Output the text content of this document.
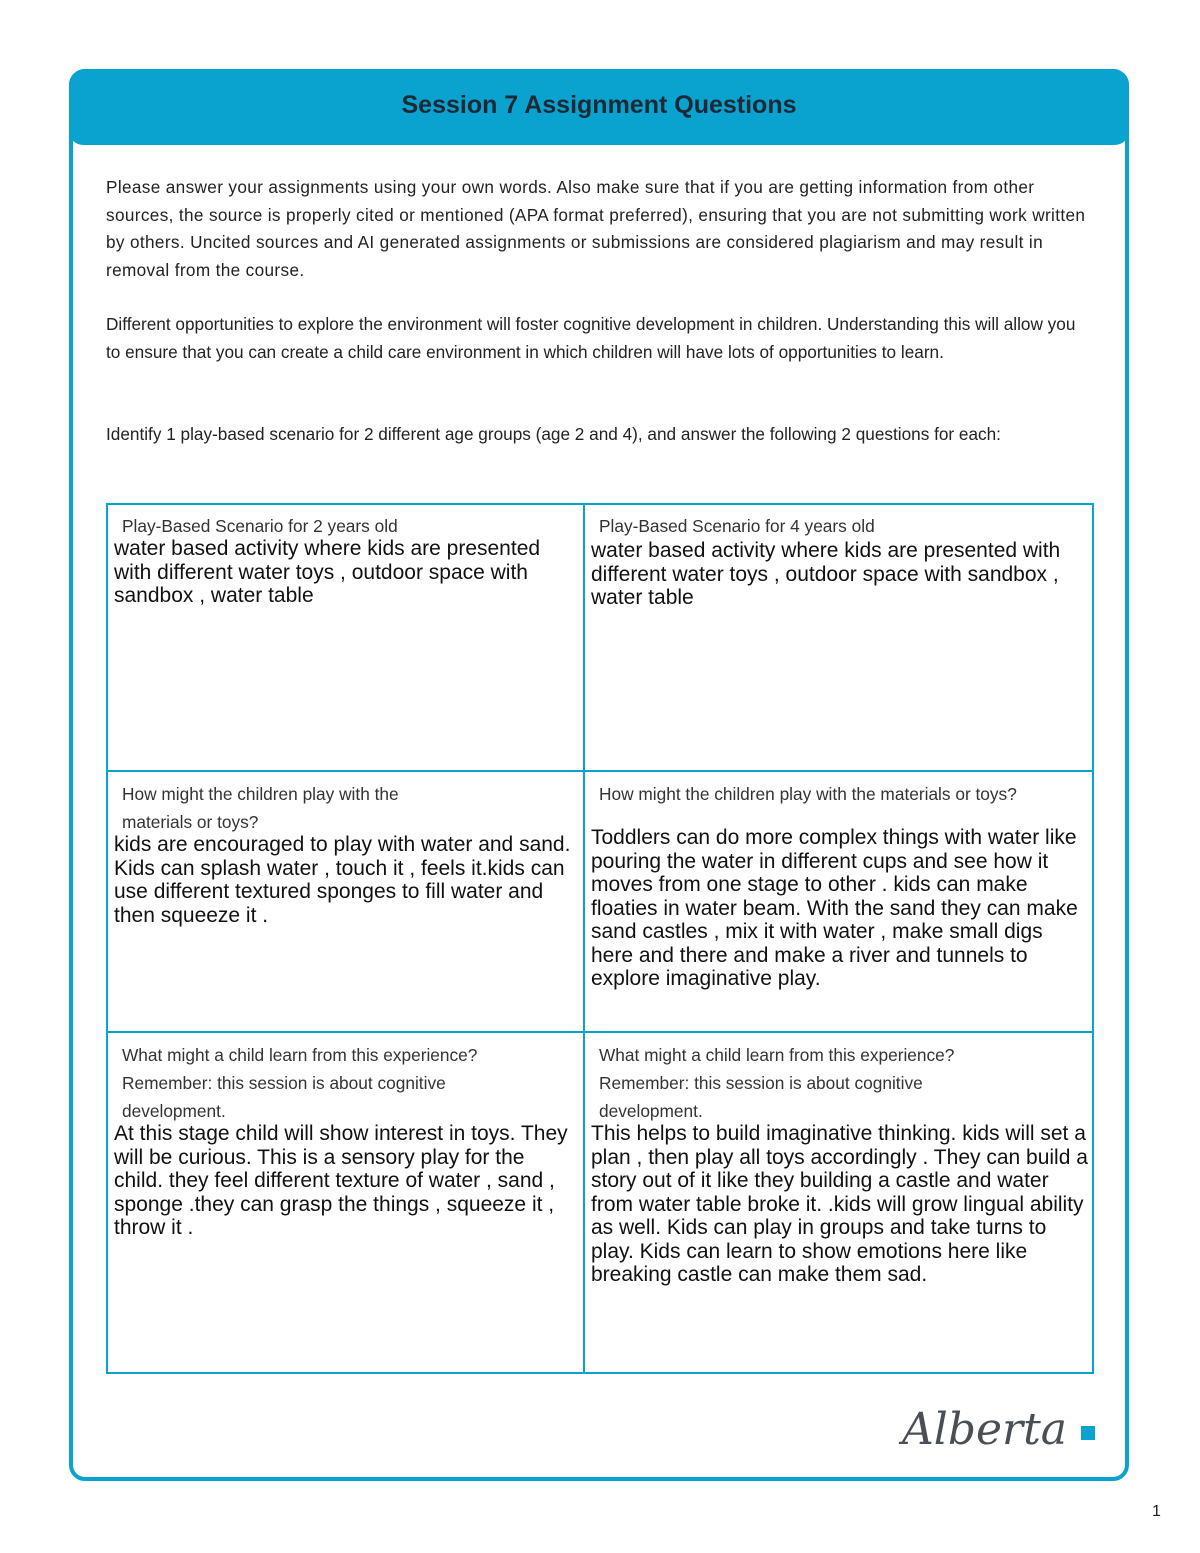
Session 7 Assignment Questions
Please answer your assignments using your own words. Also make sure that if you are getting information from other sources, the source is properly cited or mentioned (APA format preferred), ensuring that you are not submitting work written by others. Uncited sources and AI generated assignments or submissions are considered plagiarism and may result in removal from the course.
Different opportunities to explore the environment will foster cognitive development in children. Understanding this will allow you to ensure that you can create a child care environment in which children will have lots of opportunities to learn.
Identify 1 play-based scenario for 2 different age groups (age 2 and 4), and answer the following 2 questions for each:
Play-Based Scenario for 2 years old
water based activity where kids are presented with different water toys , outdoor space with sandbox , water table
Play-Based Scenario for 4 years old
water based activity where kids are presented with different water toys , outdoor space with sandbox , water table
How might the children play with the materials or toys?
kids are encouraged to play with water and sand. Kids can splash water , touch it , feels it.kids can use different textured sponges to fill water and then squeeze it .
How might the children play with the materials or toys?
Toddlers can do more complex things with water like pouring the water in different cups and see how it moves from one stage to other . kids can make floaties in water beam. With the sand they can make sand castles , mix it with water , make small digs here and there and make a river and tunnels to explore imaginative play.
What might a child learn from this experience? Remember: this session is about cognitive development.
At this stage child will show interest in toys. They will be curious. This is a sensory play for the child. they feel different texture of water , sand , sponge .they can grasp the things , squeeze it , throw it .
What might a child learn from this experience? Remember: this session is about cognitive development.
This helps to build imaginative thinking. kids will set a plan , then play all toys accordingly . They can build a story out of it like they building a castle and water from water table broke it. .kids will grow lingual ability as well. Kids can play in groups and take turns to play. Kids can learn to show emotions here like breaking castle can make them sad.
Alberta
1
